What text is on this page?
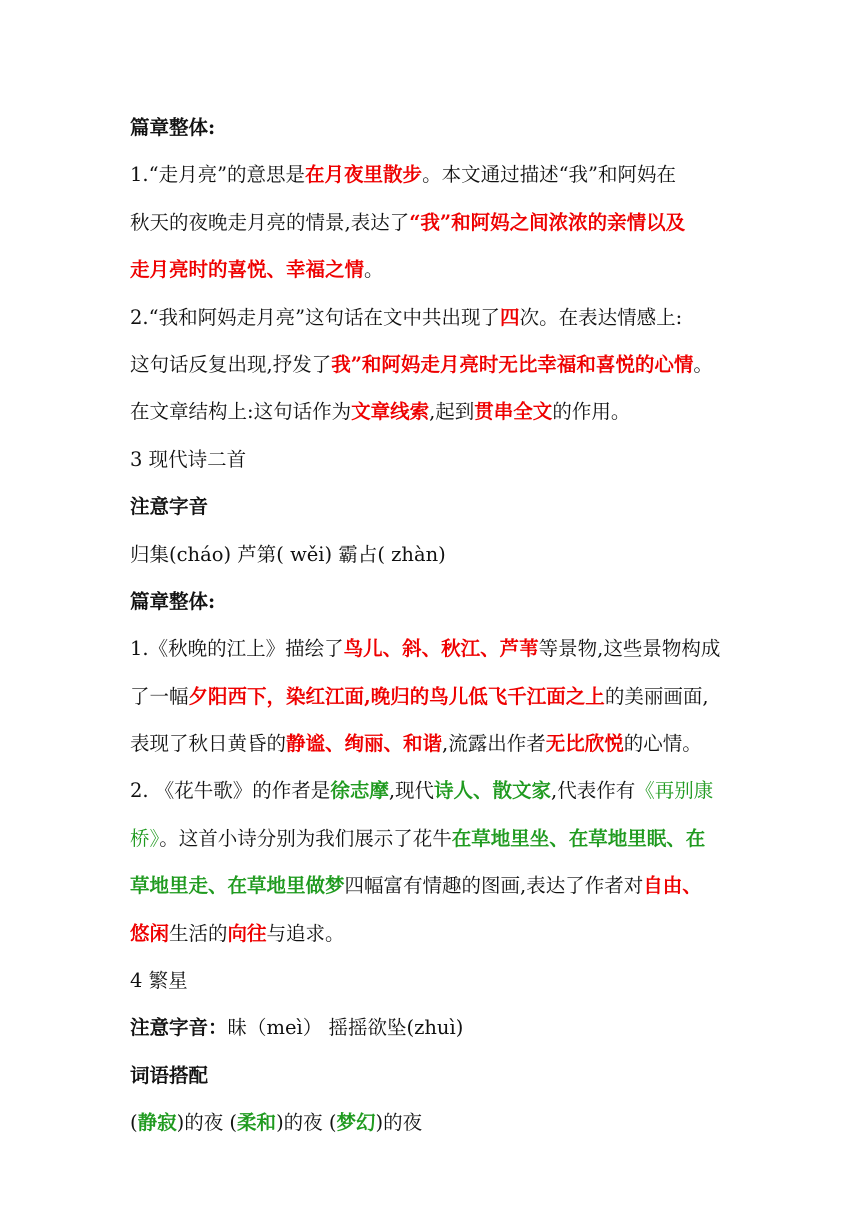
篇章整体:
1.“走月亮”的意思是在月夜里散步。本文通过描述“我”和阿妈在
秋天的夜晚走月亮的情景,表达了“我”和阿妈之间浓浓的亲情以及
走月亮时的喜悦、幸福之情。
2.“我和阿妈走月亮”这句话在文中共出现了四次。在表达情感上:
这句话反复出现,抒发了我”和阿妈走月亮时无比幸福和喜悦的心情。
在文章结构上:这句话作为文章线索,起到贯串全文的作用。
3 现代诗二首
注意字音
归集(cháo) 芦第( wěi) 霸占( zhàn)
篇章整体:
1.《秋晚的江上》描绘了鸟儿、斜、秋江、芦苇等景物,这些景物构成
了一幅夕阳西下，染红江面,晚归的鸟儿低飞千江面之上的美丽画面,
表现了秋日黄昏的静谧、绚丽、和谐,流露出作者无比欣悦的心情。
2. 《花牛歌》的作者是徐志摩,现代诗人、散文家,代表作有《再别康
桥》。这首小诗分别为我们展示了花牛在草地里坐、在草地里眠、在
草地里走、在草地里做梦四幅富有情趣的图画,表达了作者对自由、
悠闲生活的向往与追求。
4 繁星
注意字音：昧（meì） 摇摇欲坠(zhuì)
词语搭配
(静寂)的夜 (柔和)的夜 (梦幻)的夜
